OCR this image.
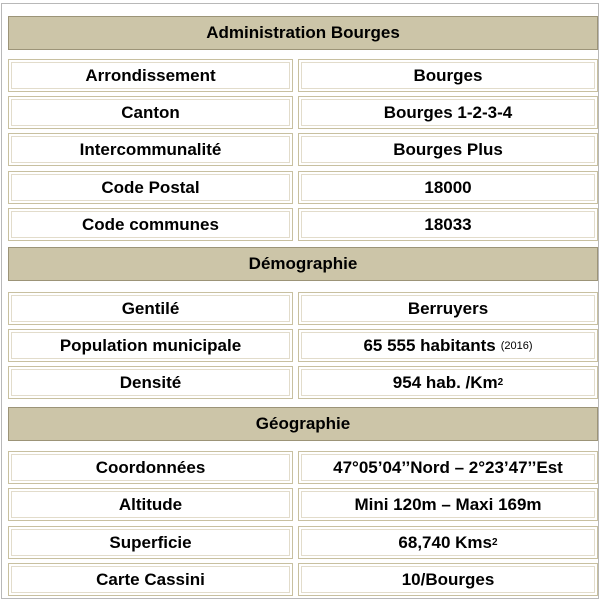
Administration Bourges
Arrondissement	Bourges
Canton	Bourges 1-2-3-4
Intercommunalité	Bourges Plus
Code Postal	18000
Code communes	18033
Démographie
Gentilé	Berruyers
Population municipale	65 555 habitants (2016)
Densité	954 hab. /Km 2
Géographie
Coordonnées	47°05’04’’Nord – 2°23’47’’Est
Altitude	Mini 120m – Maxi 169m
Superficie	68,740 Kms 2
Carte Cassini	10/Bourges
